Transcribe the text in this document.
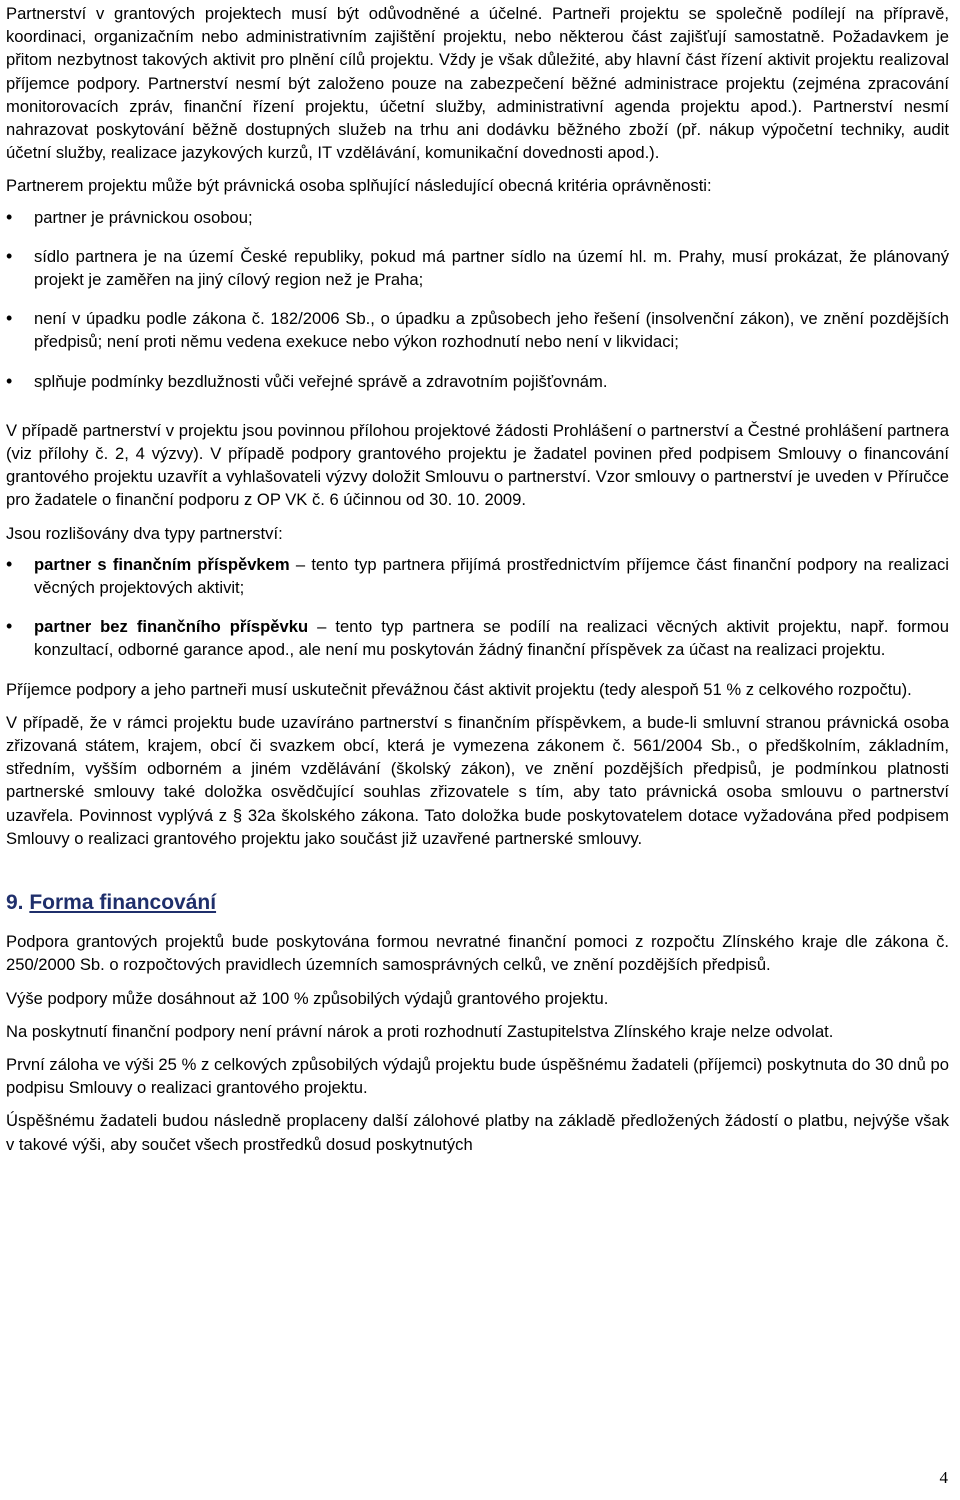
Partnerství v grantových projektech musí být odůvodněné a účelné. Partneři projektu se společně podílejí na přípravě, koordinaci, organizačním nebo administrativním zajištění projektu, nebo některou část zajišťují samostatně. Požadavkem je přitom nezbytnost takových aktivit pro plnění cílů projektu. Vždy je však důležité, aby hlavní část řízení aktivit projektu realizoval příjemce podpory. Partnerství nesmí být založeno pouze na zabezpečení běžné administrace projektu (zejména zpracování monitorovacích zpráv, finanční řízení projektu, účetní služby, administrativní agenda projektu apod.). Partnerství nesmí nahrazovat poskytování běžně dostupných služeb na trhu ani dodávku běžného zboží (př. nákup výpočetní techniky, audit účetní služby, realizace jazykových kurzů, IT vzdělávání, komunikační dovednosti apod.).

Partnerem projektu může být právnická osoba splňující následující obecná kritéria oprávněnosti:

• partner je právnickou osobou;
• sídlo partnera je na území České republiky, pokud má partner sídlo na území hl. m. Prahy, musí prokázat, že plánovaný projekt je zaměřen na jiný cílový region než je Praha;
• není v úpadku podle zákona č. 182/2006 Sb., o úpadku a způsobech jeho řešení (insolvenční zákon), ve znění pozdějších předpisů; není proti němu vedena exekuce nebo výkon rozhodnutí nebo není v likvidaci;
• splňuje podmínky bezdlužnosti vůči veřejné správě a zdravotním pojišťovnám.

V případě partnerství v projektu jsou povinnou přílohou projektové žádosti Prohlášení o partnerství a Čestné prohlášení partnera (viz přílohy č. 2, 4 výzvy). V případě podpory grantového projektu je žadatel povinen před podpisem Smlouvy o financování grantového projektu uzavřít a vyhlašovateli výzvy doložit Smlouvu o partnerství. Vzor smlouvy o partnerství je uveden v Příručce pro žadatele o finanční podporu z OP VK č. 6 účinnou od 30. 10. 2009.

Jsou rozlišovány dva typy partnerství:

• partner s finančním příspěvkem – tento typ partnera přijímá prostřednictvím příjemce část finanční podpory na realizaci věcných projektových aktivit;
• partner bez finančního příspěvku – tento typ partnera se podílí na realizaci věcných aktivit projektu, např. formou konzultací, odborné garance apod., ale není mu poskytován žádný finanční příspěvek za účast na realizaci projektu.

Příjemce podpory a jeho partneři musí uskutečnit převážnou část aktivit projektu (tedy alespoň 51 % z celkového rozpočtu).

V případě, že v rámci projektu bude uzavíráno partnerství s finančním příspěvkem, a bude-li smluvní stranou právnická osoba zřizovaná státem, krajem, obcí či svazkem obcí, která je vymezena zákonem č. 561/2004 Sb., o předškolním, základním, středním, vyšším odborném a jiném vzdělávání (školský zákon), ve znění pozdějších předpisů, je podmínkou platnosti partnerské smlouvy také doložka osvědčující souhlas zřizovatele s tím, aby tato právnická osoba smlouvu o partnerství uzavřela. Povinnost vyplývá z § 32a školského zákona. Tato doložka bude poskytovatelem dotace vyžadována před podpisem Smlouvy o realizaci grantového projektu jako součást již uzavřené partnerské smlouvy.

9. Forma financování

Podpora grantových projektů bude poskytována formou nevratné finanční pomoci z rozpočtu Zlínského kraje dle zákona č. 250/2000 Sb. o rozpočtových pravidlech územních samosprávných celků, ve znění pozdějších předpisů.

Výše podpory může dosáhnout až 100 % způsobilých výdajů grantového projektu.

Na poskytnutí finanční podpory není právní nárok a proti rozhodnutí Zastupitelstva Zlínského kraje nelze odvolat.

První záloha ve výši 25 % z celkových způsobilých výdajů projektu bude úspěšnému žadateli (příjemci) poskytnuta do 30 dnů po podpisu Smlouvy o realizaci grantového projektu.

Úspěšnému žadateli budou následně proplaceny další zálohové platby na základě předložených žádostí o platbu, nejvýše však v takové výši, aby součet všech prostředků dosud poskytnutých

4
